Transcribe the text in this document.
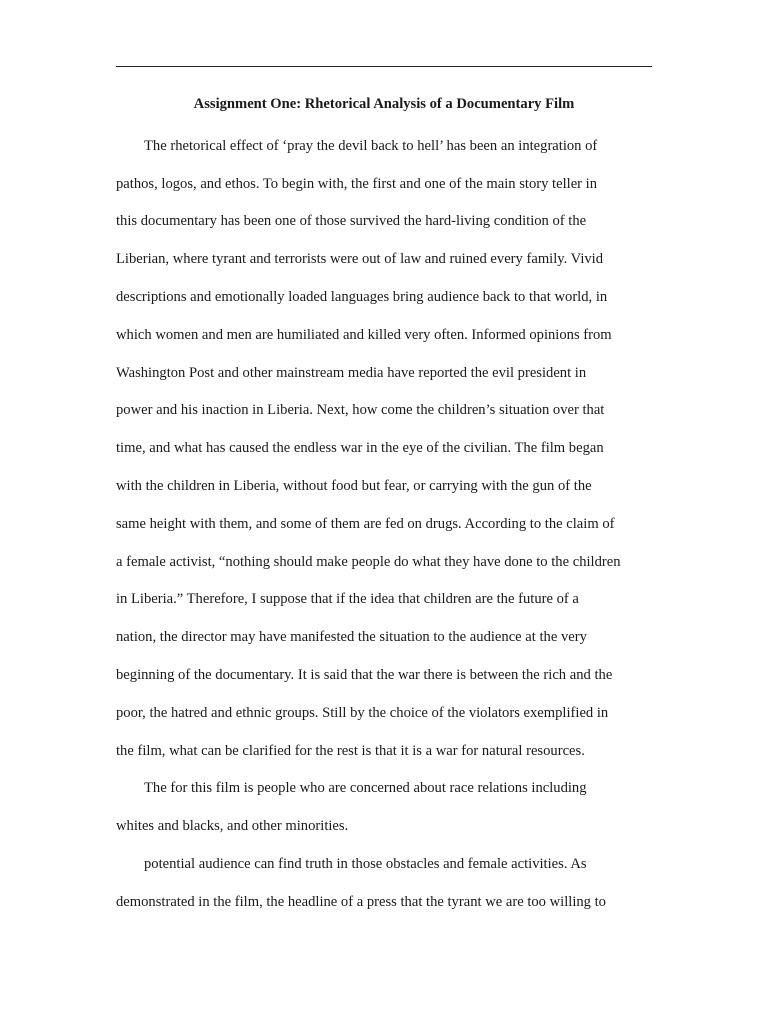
Assignment One: Rhetorical Analysis of a Documentary Film

The rhetorical effect of ‘pray the devil back to hell’ has been an integration of
pathos, logos, and ethos. To begin with, the first and one of the main story teller in
this documentary has been one of those survived the hard-living condition of the
Liberian, where tyrant and terrorists were out of law and ruined every family. Vivid
descriptions and emotionally loaded languages bring audience back to that world, in
which women and men are humiliated and killed very often. Informed opinions from
Washington Post and other mainstream media have reported the evil president in
power and his inaction in Liberia. Next, how come the children’s situation over that
time, and what has caused the endless war in the eye of the civilian. The film began
with the children in Liberia, without food but fear, or carrying with the gun of the
same height with them, and some of them are fed on drugs. According to the claim of
a female activist, “nothing should make people do what they have done to the children
in Liberia.” Therefore, I suppose that if the idea that children are the future of a
nation, the director may have manifested the situation to the audience at the very
beginning of the documentary. It is said that the war there is between the rich and the
poor, the hatred and ethnic groups. Still by the choice of the violators exemplified in
the film, what can be clarified for the rest is that it is a war for natural resources.

The for this film is people who are concerned about race relations including
whites and blacks, and other minorities.

potential audience can find truth in those obstacles and female activities. As
demonstrated in the film, the headline of a press that the tyrant we are too willing to
